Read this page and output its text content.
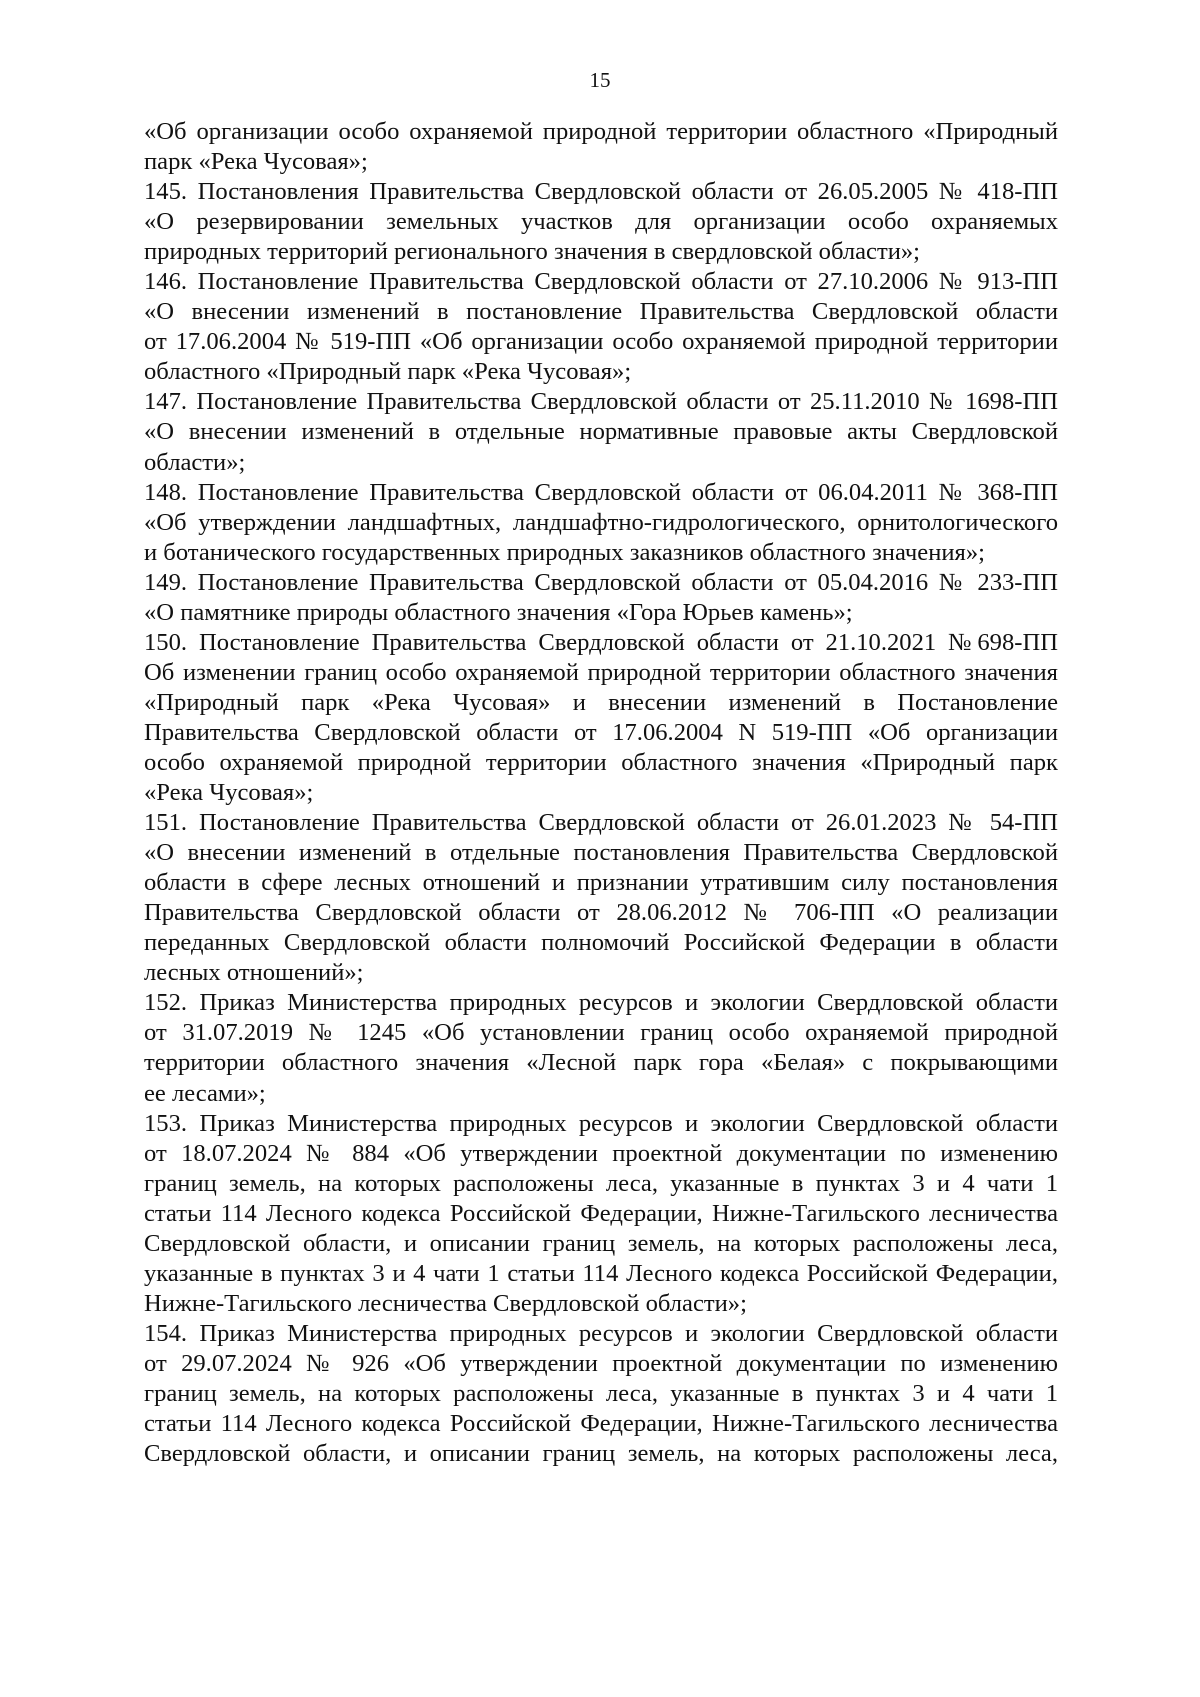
15
«Об организации особо охраняемой природной территории областного «Природный
парк «Река Чусовая»;
145. Постановления Правительства Свердловской области от 26.05.2005 № 418-ПП
«О резервировании земельных участков для организации особо охраняемых
природных территорий регионального значения в свердловской области»;
146. Постановление Правительства Свердловской области от 27.10.2006 № 913-ПП
«О внесении изменений в постановление Правительства Свердловской области
от 17.06.2004 № 519-ПП «Об организации особо охраняемой природной территории
областного «Природный парк «Река Чусовая»;
147. Постановление Правительства Свердловской области от 25.11.2010 № 1698-ПП
«О внесении изменений в отдельные нормативные правовые акты Свердловской
области»;
148. Постановление Правительства Свердловской области от 06.04.2011 № 368-ПП
«Об утверждении ландшафтных, ландшафтно-гидрологического, орнитологического
и ботанического государственных природных заказников областного значения»;
149. Постановление Правительства Свердловской области от 05.04.2016 № 233-ПП
«О памятнике природы областного значения «Гора Юрьев камень»;
150. Постановление Правительства Свердловской области от 21.10.2021 №698-ПП
Об изменении границ особо охраняемой природной территории областного значения
«Природный парк «Река Чусовая» и внесении изменений в Постановление
Правительства Свердловской области от 17.06.2004 N 519-ПП «Об организации
особо охраняемой природной территории областного значения «Природный парк
«Река Чусовая»;
151. Постановление Правительства Свердловской области от 26.01.2023 № 54-ПП
«О внесении изменений в отдельные постановления Правительства Свердловской
области в сфере лесных отношений и признании утратившим силу постановления
Правительства Свердловской области от 28.06.2012 № 706-ПП «О реализации
переданных Свердловской области полномочий Российской Федерации в области
лесных отношений»;
152. Приказ Министерства природных ресурсов и экологии Свердловской области
от 31.07.2019 № 1245 «Об установлении границ особо охраняемой природной
территории областного значения «Лесной парк гора «Белая» с покрывающими
ее лесами»;
153. Приказ Министерства природных ресурсов и экологии Свердловской области
от 18.07.2024 № 884 «Об утверждении проектной документации по изменению
границ земель, на которых расположены леса, указанные в пунктах 3 и 4 чати 1
статьи 114 Лесного кодекса Российской Федерации, Нижне-Тагильского лесничества
Свердловской области, и описании границ земель, на которых расположены леса,
указанные в пунктах 3 и 4 чати 1 статьи 114 Лесного кодекса Российской Федерации,
Нижне-Тагильского лесничества Свердловской области»;
154. Приказ Министерства природных ресурсов и экологии Свердловской области
от 29.07.2024 № 926 «Об утверждении проектной документации по изменению
границ земель, на которых расположены леса, указанные в пунктах 3 и 4 чати 1
статьи 114 Лесного кодекса Российской Федерации, Нижне-Тагильского лесничества
Свердловской области, и описании границ земель, на которых расположены леса,
